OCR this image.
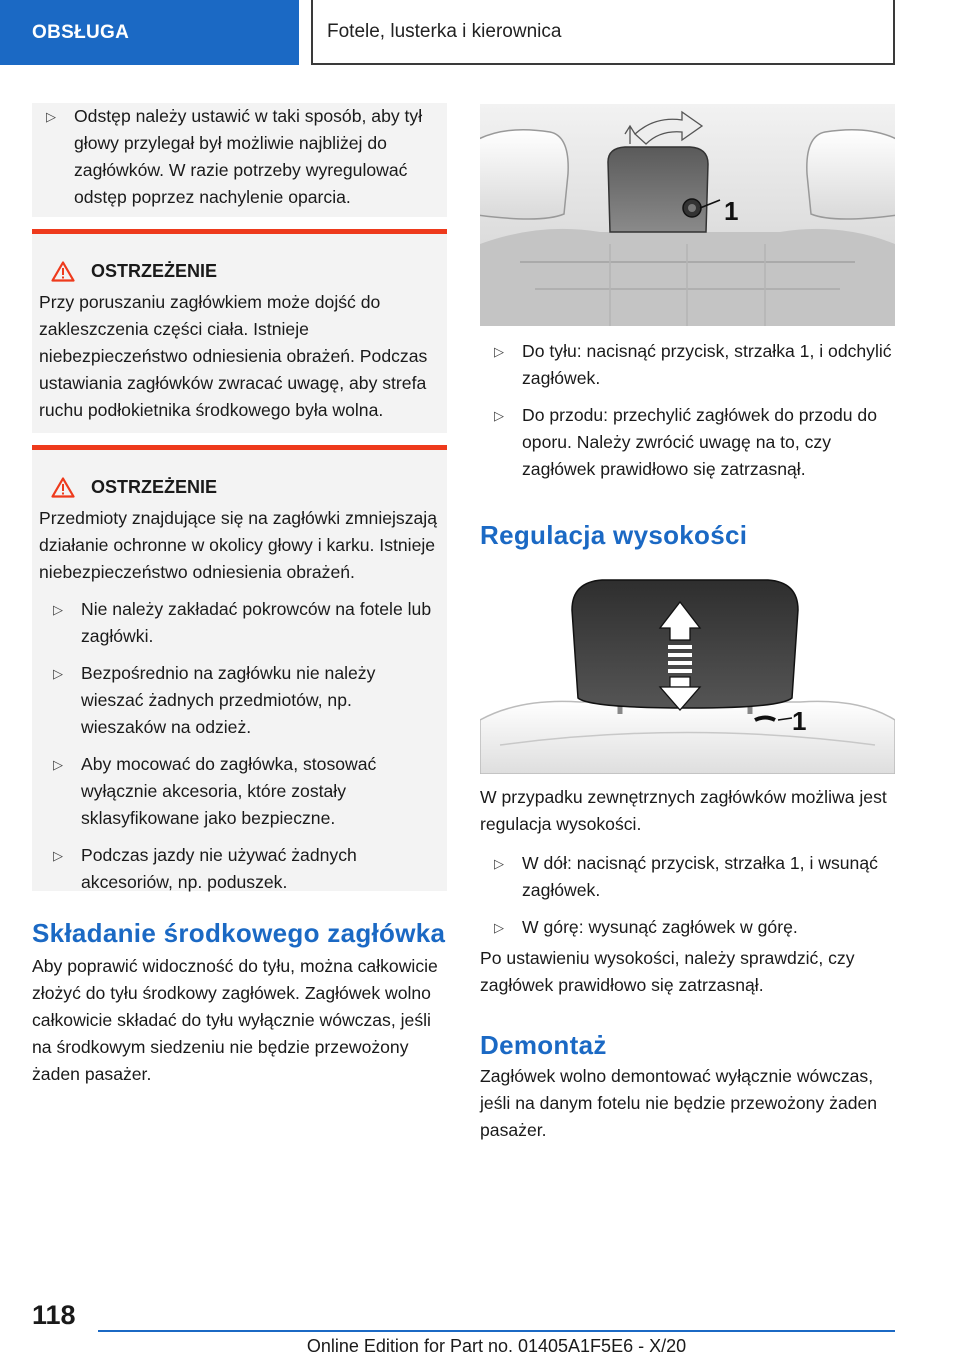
OBSŁUGA	Fotele, lusterka i kierownica
▷ Odstęp należy ustawić w taki sposób, aby tył głowy przylegał był możliwie najbliżej do zagłówków. W razie potrzeby wyregulować odstęp poprzez nachylenie oparcia.
OSTRZEŻENIE

Przy poruszaniu zagłówkiem może dojść do zakleszczenia części ciała. Istnieje niebezpieczeństwo odniesienia obrażeń. Podczas ustawiania zagłówków zwracać uwagę, aby strefa ruchu podłokietnika środkowego była wolna.

OSTRZEŻENIE

Przedmioty znajdujące się na zagłówki zmniejszają działanie ochronne w okolicy głowy i karku. Istnieje niebezpieczeństwo odniesienia obrażeń.

▷ Nie należy zakładać pokrowców na fotele lub zagłówki.
▷ Bezpośrednio na zagłówku nie należy wieszać żadnych przedmiotów, np. wieszaków na odzież.
▷ Aby mocować do zagłówka, stosować wyłącznie akcesoria, które zostały sklasyfikowane jako bezpieczne.
▷ Podczas jazdy nie używać żadnych akcesoriów, np. poduszek.
Składanie środkowego zagłówka

Aby poprawić widoczność do tyłu, można całkowicie złożyć do tyłu środkowy zagłówek. Zagłówek wolno całkowicie składać do tyłu wyłącznie wówczas, jeśli na środkowym siedzeniu nie będzie przewożony żaden pasażer.

1
▷ Do tyłu: nacisnąć przycisk, strzałka 1, i odchylić zagłówek.
▷ Do przodu: przechylić zagłówek do przodu do oporu. Należy zwrócić uwagę na to, czy zagłówek prawidłowo się zatrzasnął.
Regulacja wysokości
1

W przypadku zewnętrznych zagłówków możliwa jest regulacja wysokości.

▷ W dół: nacisnąć przycisk, strzałka 1, i wsunąć zagłówek.
▷ W górę: wysunąć zagłówek w górę.

Po ustawieniu wysokości, należy sprawdzić, czy zagłówek prawidłowo się zatrzasnął.

Demontaż

Zagłówek wolno demontować wyłącznie wówczas, jeśli na danym fotelu nie będzie przewożony żaden pasażer.

118
Online Edition for Part no. 01405A1F5E6 - X/20
